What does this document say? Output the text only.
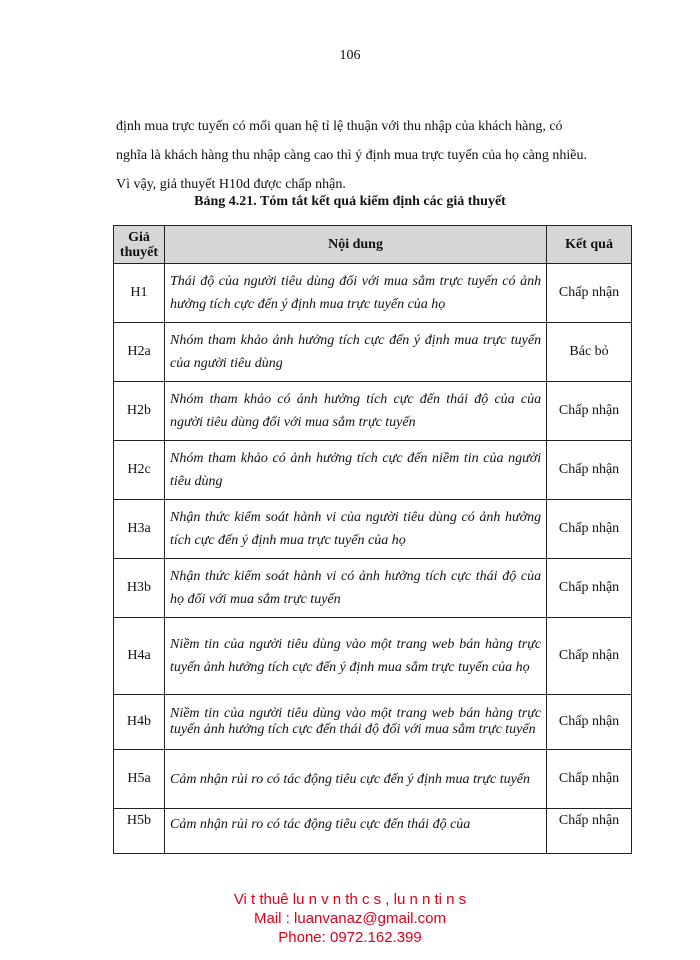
106

định mua trực tuyến có mối quan hệ tỉ lệ thuận với thu nhập của khách hàng, có

nghĩa là khách hàng thu nhập càng cao thì ý định mua trực tuyến của họ càng nhiều.

Vì vậy, giả thuyết H10d được chấp nhận.

Bảng 4.21. Tóm tắt kết quả kiểm định các giả thuyết
Giả thuyết	Nội dung	Kết quả
H1	Thái độ của người tiêu dùng đối với mua sắm trực tuyến có ảnh hưởng tích cực đến ý định mua trực tuyến của họ	Chấp nhận
H2a	Nhóm tham khảo ảnh hưởng tích cực đến ý định mua trực tuyến của người tiêu dùng	Bác bỏ
H2b	Nhóm tham khảo có ảnh hưởng tích cực đến thái độ của của người tiêu dùng đối với mua sắm trực tuyến	Chấp nhận
H2c	Nhóm tham khảo có ảnh hưởng tích cực đến niềm tin của người tiêu dùng	Chấp nhận
H3a	Nhận thức kiểm soát hành vi của người tiêu dùng có ảnh hưởng tích cực đến ý định mua trực tuyến của họ	Chấp nhận
H3b	Nhận thức kiểm soát hành vi có ảnh hưởng tích cực thái độ của họ đối với mua sắm trực tuyến	Chấp nhận
H4a	Niềm tin của người tiêu dùng vào một trang web bán hàng trực tuyến ảnh hưởng tích cực đến ý định mua sắm trực tuyến của họ	Chấp nhận
H4b	Niềm tin của người tiêu dùng vào một trang web bán hàng trực tuyến ảnh hưởng tích cực đến thái độ đối với mua sắm trực tuyến	Chấp nhận
H5a	Cảm nhận rủi ro có tác động tiêu cực đến ý định mua trực tuyến	Chấp nhận
H5b	Cảm nhận rủi ro có tác động tiêu cực đến thái độ của	Chấp nhận
Vi t thuê lu n v n th c s , lu n n ti n s
Mail : luanvanaz@gmail.com
Phone: 0972.162.399
